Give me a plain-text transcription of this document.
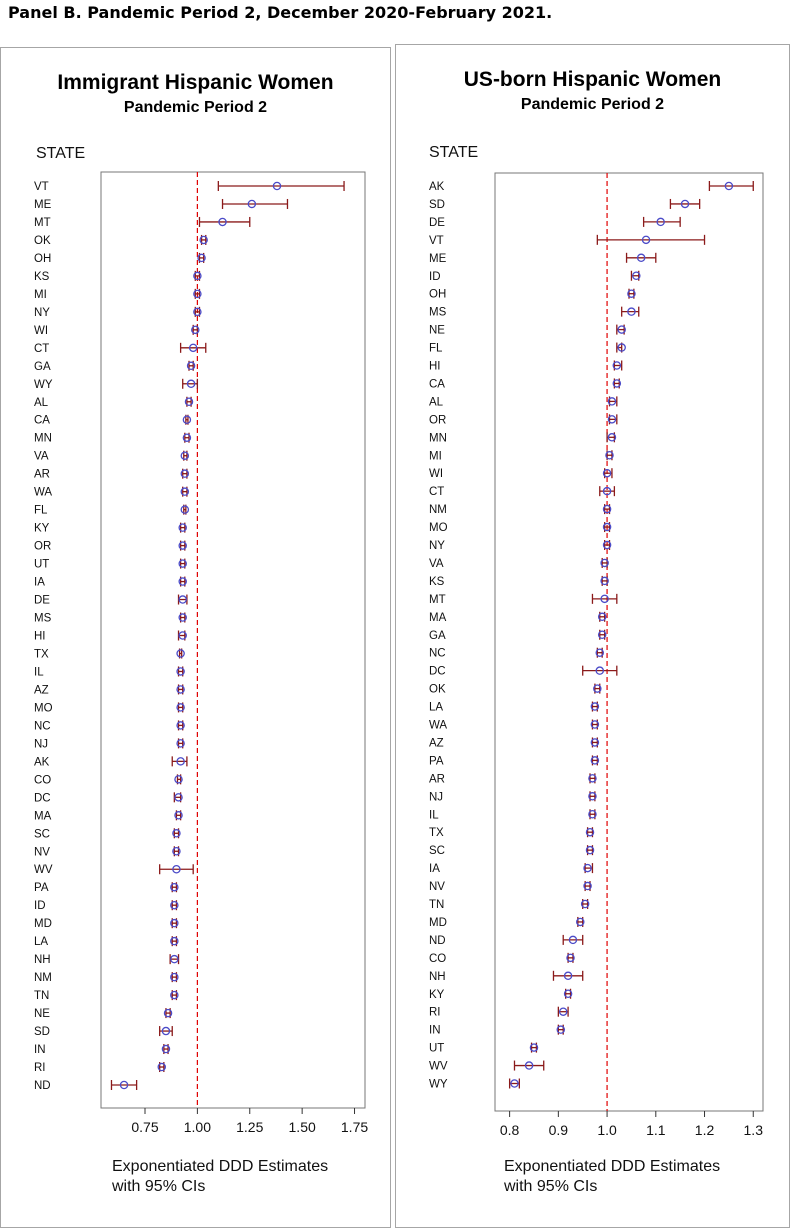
Panel B. Pandemic Period 2, December 2020-February 2021.
Immigrant Hispanic Women
Pandemic Period 2
STATE
0.75 1.00 1.25 1.50 1.75
VT
ME
MT
OK
OH
KS
MI
NY
WI
CT
GA
WY
AL
CA
MN
VA
AR
WA
FL
KY
OR
UT
IA
DE
MS
HI
TX
IL
AZ
MO
NC
NJ
AK
CO
DC
MA
SC
NV
WV
PA
ID
MD
LA
NH
NM
TN
NE
SD
IN
RI
ND
Exponentiated DDD Estimates
with 95% CIs
US-born Hispanic Women
Pandemic Period 2
STATE
0.8 0.9 1.0 1.1 1.2 1.3
AK
SD
DE
VT
ME
ID
OH
MS
NE
FL
HI
CA
AL
OR
MN
MI
WI
CT
NM
MO
NY
VA
KS
MT
MA
GA
NC
DC
OK
LA
WA
AZ
PA
AR
NJ
IL
TX
SC
IA
NV
TN
MD
ND
CO
NH
KY
RI
IN
UT
WV
WY
Exponentiated DDD Estimates
with 95% CIs
